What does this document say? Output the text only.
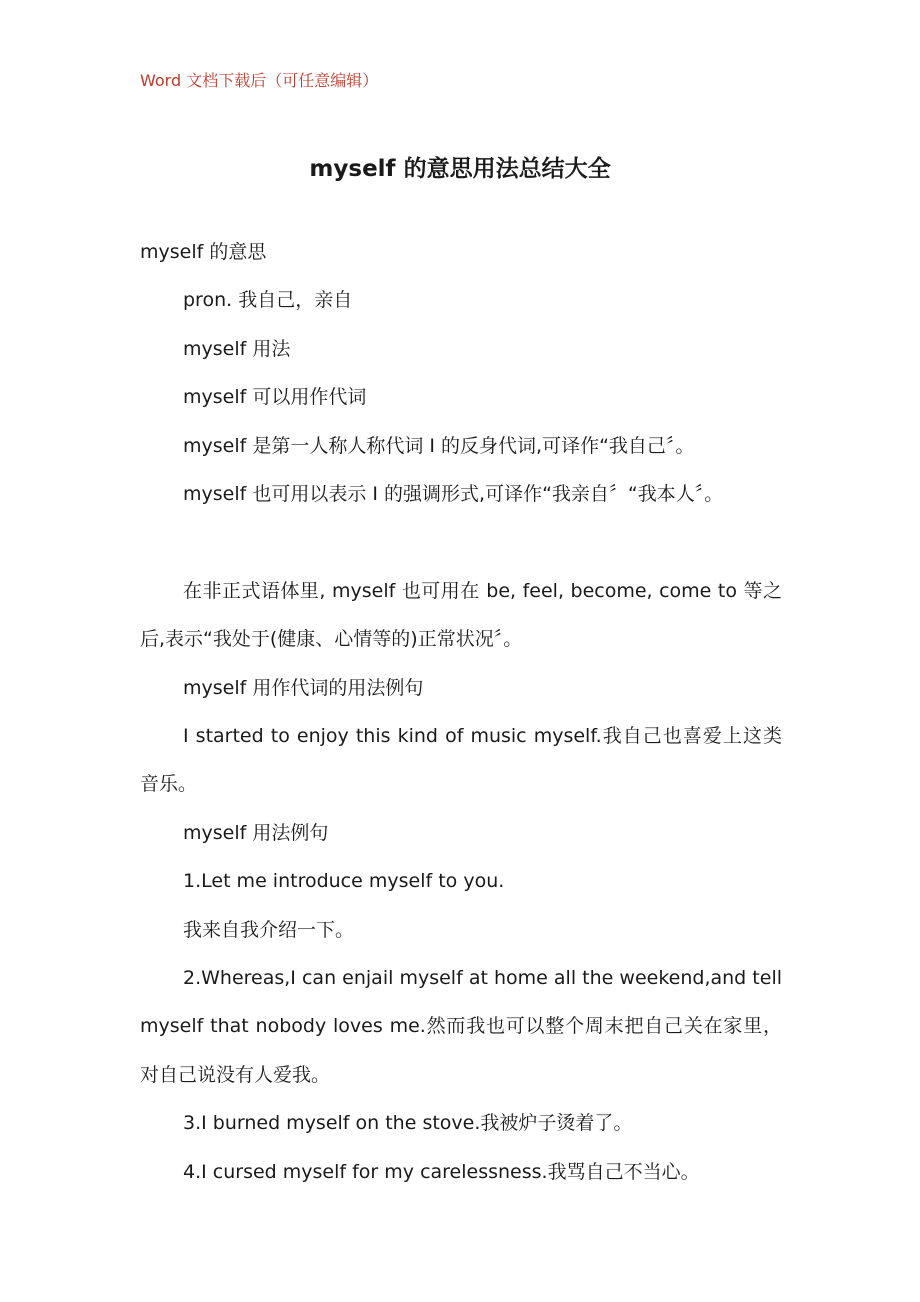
Word 文档下载后（可任意编辑）
myself 的意思用法总结大全

myself 的意思

pron. 我自己，亲自

myself 用法

myself 可以用作代词

myself 是第一人称人称代词 I 的反身代词,可译作“我自己〞。

myself 也可用以表示 I 的强调形式,可译作“我亲自〞“我本人〞。

在非正式语体里, myself 也可用在 be, feel, become, come to 等之后,表示“我处于(健康、心情等的)正常状况〞。

myself 用作代词的用法例句

I started to enjoy this kind of music myself.我自己也喜爱上这类音乐。

myself 用法例句

1.Let me introduce myself to you.

我来自我介绍一下。

2.Whereas,I can enjail myself at home all the weekend,and tell myself that nobody loves me.然而我也可以整个周末把自己关在家里，对自己说没有人爱我。

3.I burned myself on the stove.我被炉子烫着了。

4.I cursed myself for my carelessness.我骂自己不当心。
